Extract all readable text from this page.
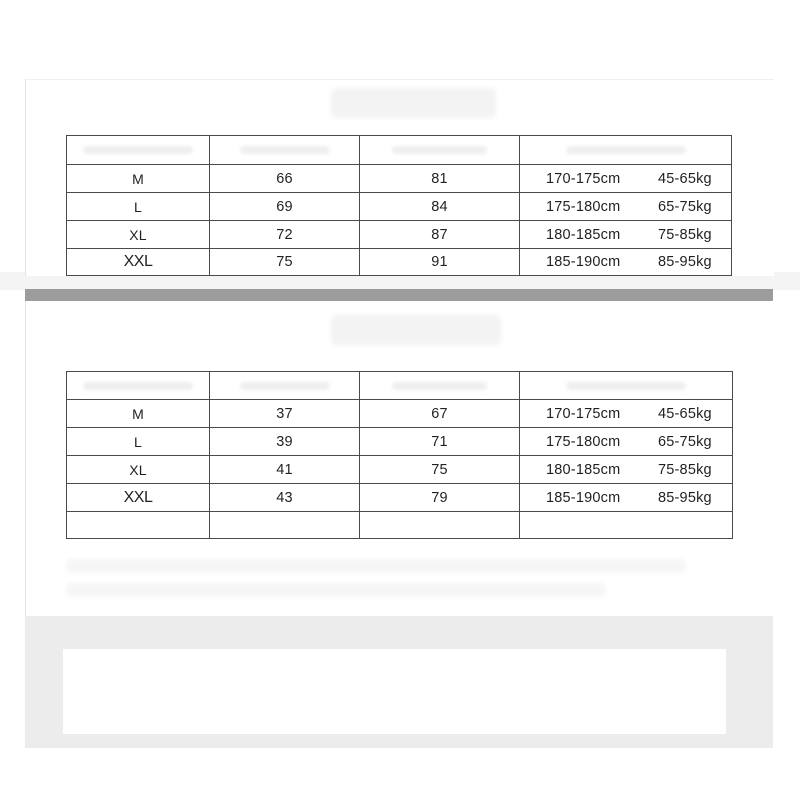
M	66	81	170-175cm 45-65kg
L	69	84	175-180cm 65-75kg
XL	72	87	180-185cm 75-85kg
XXL	75	91	185-190cm 85-95kg

M	37	67	170-175cm 45-65kg
L	39	71	175-180cm 65-75kg
XL	41	75	180-185cm 75-85kg
XXL	43	79	185-190cm 85-95kg
